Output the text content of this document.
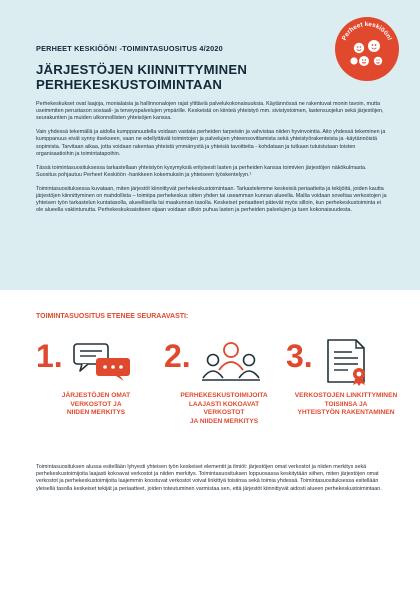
PERHEET KESKIÖÖN! -TOIMINTASUOSITUS 4/2020
JÄRJESTÖJEN KIINNITTYMINEN
PERHEKESKUSTOIMINTAAN
Perheet keskiöön!

Perhekeskukset ovat laajoja, monialaisia ja hallinnonalojen rajat ylittäviä palvelukokonaisuuksia. Käytännössä ne rakentuvat monin tavoin, mutta useimmiten perustason sosiaali- ja terveyspalvelujen ympärille. Keskeistä on kiinteä yhteistyö mm. sivistystoimen, lastensuojelun sekä järjestöjen, seurakuntien ja muiden ulkonnollisten yhteisöjen kanssa.

Vain yhdessä tekemällä ja aidolla kumppanuudella voidaan vastata perheiden tarpeisiin ja vahvistaa niiden hyvinvointia. Aito yhdessä tekeminen ja kumppanuus eivät synny itsekseen, vaan ne edellyttävät toimintojen ja palvelujen yhteensovittamista sekä yhteistyörakenteista ja -käytännöistä sopimista. Tarvitaan aikaa, jotta voidaan rakentaa yhteistä ymmärrystä ja yhteisiä tavoitteita - kohdataan ja tutkaan tutuistutaan toisten organisaatioihin ja toimintatapoihin.

Tässä toimintasuosituksessa tarkastellaan yhteistyön kysymyksiä erityisesti lasten ja perheiden kanssa toimivien järjestöjen näkökulmasta. Suositus pohjautuu Perheet Keskiöön -hankkeen kokemuksiin ja yhteiseen työskentelyyn.¹

Toimintasuosituksessa kuvataan, miten järjestöt kiinnittyvät perhekeskustoimintaan. Tarkastelemme keskeisiä periaatteita ja tekijöitä, joiden kautta järjestöjen kiinnittyminen on mahdollista – toimiipa perhekeskus sitten yhden tai useamman kunnan alueella. Mallia voidaan soveltaa verkostojen ja yhteisen työn tarkastelun kuntatasolla, alueellisella tai maakunnan tasolla. Keskeiset periaatteet pätevät myös silloin, kun perhekeskustoiminta ei ole alueella vakiintunutta. Perhekeskuksaisiteen sijaan voidaan silloin puhua lasten ja perheiden palvelujen ja tuen kokonaisuudesta.

TOIMINTASUOSITUS ETENEE SEURAAVASTI:
1.
JÄRJESTÖJEN OMAT
VERKOSTOT JA
NIIDEN MERKITYS
2.
PERHEKESKUSTOIMIJOITA
LAAJASTI KOKOAVAT
VERKOSTOT
JA NIIDEN MERKITYS
3.
VERKOSTOJEN LINKITTYMINEN
TOISIINSA JA
YHTEISTYÖN RAKENTAMINEN

Toimintasuosituksen alussa esitellään lyhyesti yhteisen työn keskeiset elementit ja ilmiöt: järjestöjen omat verkostot ja niiden merkitys sekä perhekeskustoimijoita laajasti kokoavat verkostot ja niiden merkitys. Toimintasuosituksen loppuosassa keskitytään siihen, miten järjestöjen omat verkostot ja perhekeskustoimijoita laajemmin koostuvat verkostot voivat linkittyä toisiinsa sekä toimia yhdessä. Toimintasuosituksessa esitellään yleisellä tasolla keskeiset tekijät ja periaatteet, joiden toteutuminen varmistaa sen, että järjestöt kiinnittyvät aidosti alueen perhekeskustoimintaan.
